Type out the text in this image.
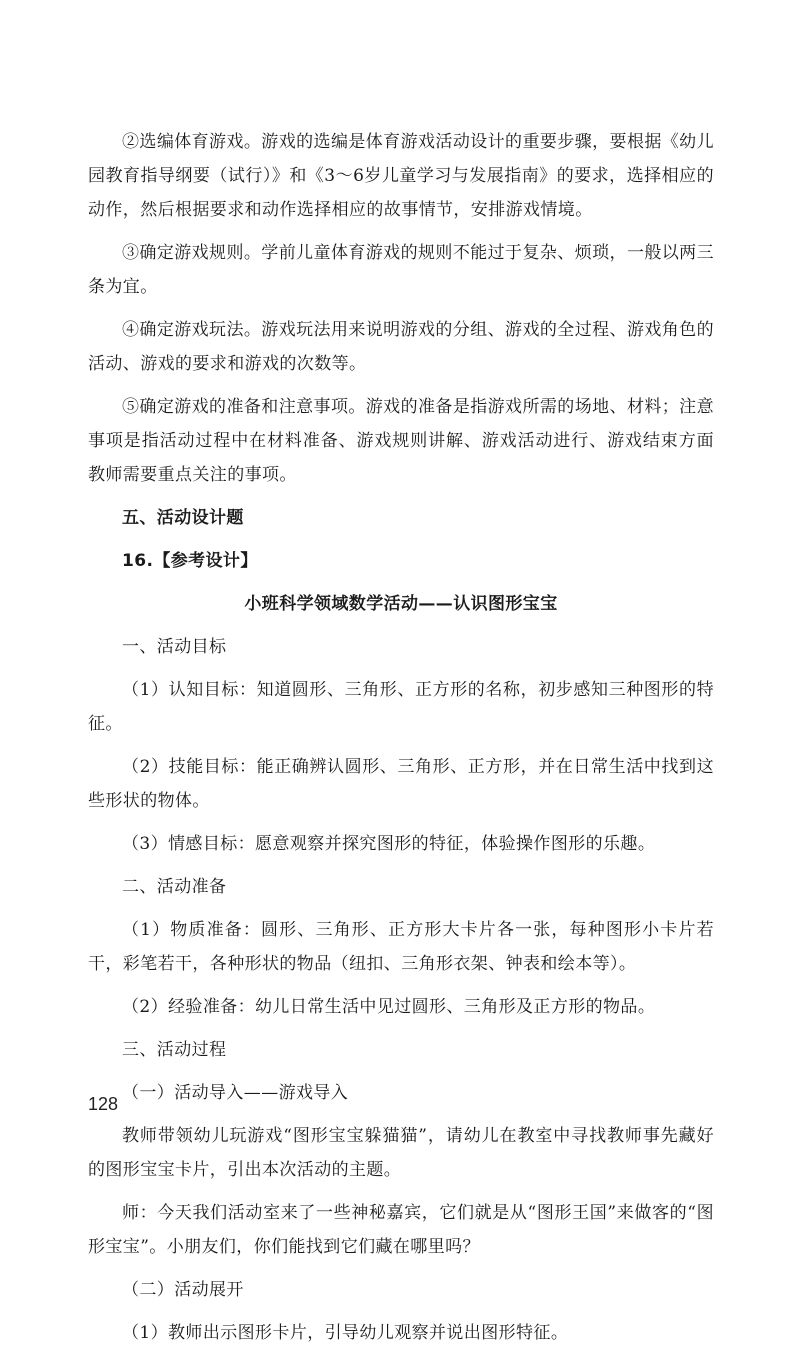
②选编体育游戏。游戏的选编是体育游戏活动设计的重要步骤，要根据《幼儿园教育指导纲要（试行）》和《3～6岁儿童学习与发展指南》的要求，选择相应的动作，然后根据要求和动作选择相应的故事情节，安排游戏情境。

③确定游戏规则。学前儿童体育游戏的规则不能过于复杂、烦琐，一般以两三条为宜。

④确定游戏玩法。游戏玩法用来说明游戏的分组、游戏的全过程、游戏角色的活动、游戏的要求和游戏的次数等。

⑤确定游戏的准备和注意事项。游戏的准备是指游戏所需的场地、材料；注意事项是指活动过程中在材料准备、游戏规则讲解、游戏活动进行、游戏结束方面教师需要重点关注的事项。

五、活动设计题

16.【参考设计】

小班科学领域数学活动——认识图形宝宝

一、活动目标

（1）认知目标：知道圆形、三角形、正方形的名称，初步感知三种图形的特征。

（2）技能目标：能正确辨认圆形、三角形、正方形，并在日常生活中找到这些形状的物体。

（3）情感目标：愿意观察并探究图形的特征，体验操作图形的乐趣。

二、活动准备

（1）物质准备：圆形、三角形、正方形大卡片各一张，每种图形小卡片若干，彩笔若干，各种形状的物品（纽扣、三角形衣架、钟表和绘本等）。

（2）经验准备：幼儿日常生活中见过圆形、三角形及正方形的物品。

三、活动过程

（一）活动导入——游戏导入

教师带领幼儿玩游戏“图形宝宝躲猫猫”，请幼儿在教室中寻找教师事先藏好的图形宝宝卡片，引出本次活动的主题。

师：今天我们活动室来了一些神秘嘉宾，它们就是从“图形王国”来做客的“图形宝宝”。小朋友们，你们能找到它们藏在哪里吗？

（二）活动展开

（1）教师出示图形卡片，引导幼儿观察并说出图形特征。

128
